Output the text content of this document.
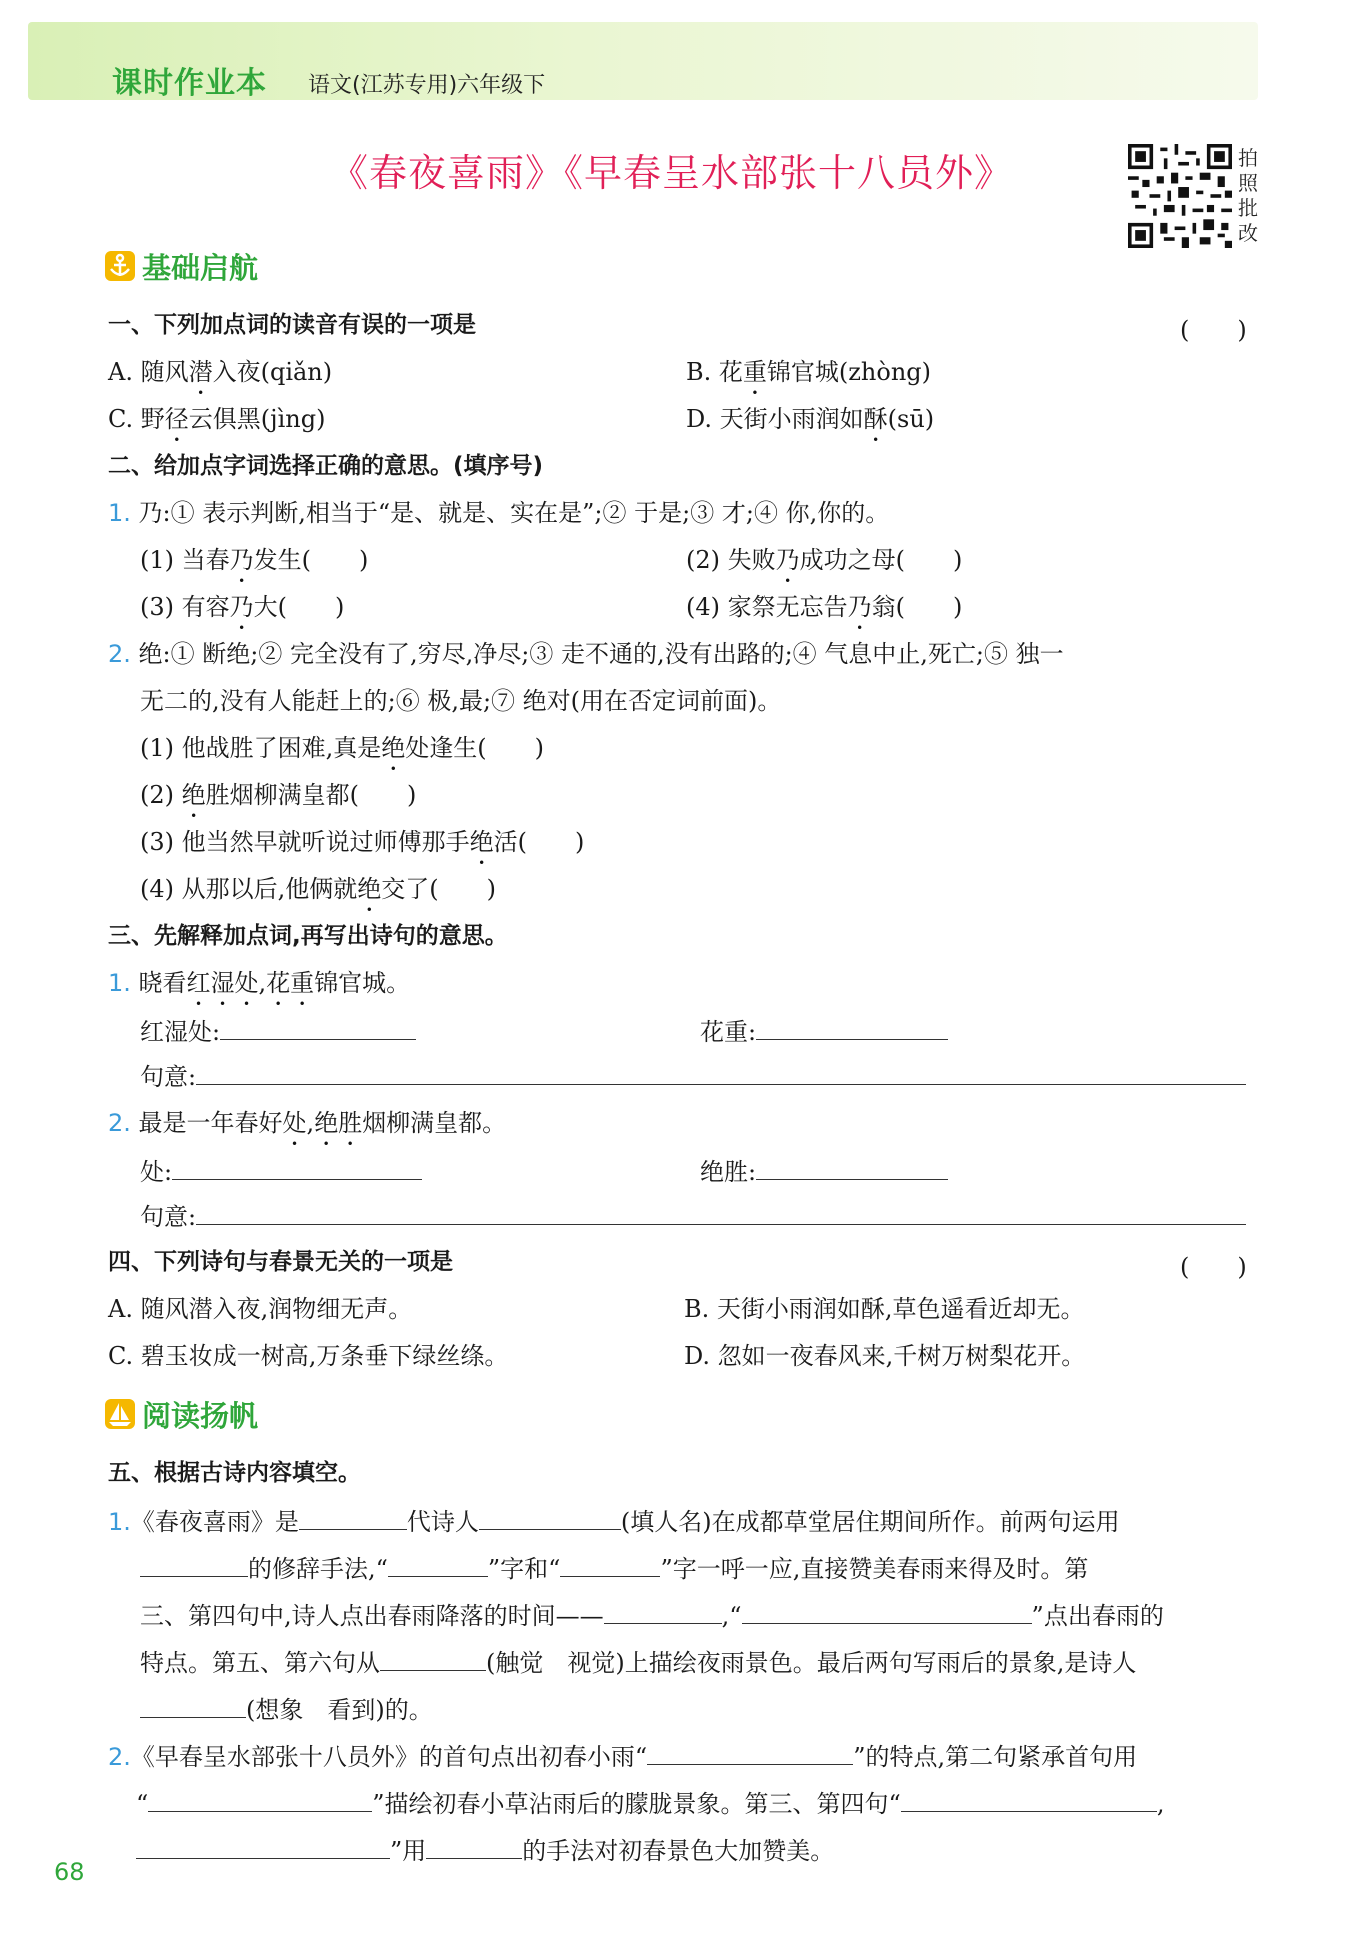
课时作业本 语文(江苏专用)六年级下
《春夜喜雨》《早春呈水部张十八员外》	拍照批改
基础启航
一、下列加点词的读音有误的一项是	(　　)
A. 随风潜入夜(qiǎn)	B. 花重锦官城(zhòng)
C. 野径云俱黑(jìng)	D. 天街小雨润如酥(sū)
二、给加点字词选择正确的意思。(填序号)
1. 乃:① 表示判断,相当于“是、就是、实在是”;② 于是;③ 才;④ 你,你的。
(1) 当春乃发生(　　)	(2) 失败乃成功之母(　　)
(3) 有容乃大(　　)	(4) 家祭无忘告乃翁(　　)
2. 绝:① 断绝;② 完全没有了,穷尽,净尽;③ 走不通的,没有出路的;④ 气息中止,死亡;⑤ 独一
无二的,没有人能赶上的;⑥ 极,最;⑦ 绝对(用在否定词前面)。
(1) 他战胜了困难,真是绝处逢生(　　)
(2) 绝胜烟柳满皇都(　　)
(3) 他当然早就听说过师傅那手绝活(　　)
(4) 从那以后,他俩就绝交了(　　)
三、先解释加点词,再写出诗句的意思。
1. 晓看红湿处,花重锦官城。
红湿处:	花重:
句意:
2. 最是一年春好处,绝胜烟柳满皇都。
处:	绝胜:
句意:
四、下列诗句与春景无关的一项是	(　　)
A. 随风潜入夜,润物细无声。	B. 天街小雨润如酥,草色遥看近却无。
C. 碧玉妆成一树高,万条垂下绿丝绦。	D. 忽如一夜春风来,千树万树梨花开。
阅读扬帆
五、根据古诗内容填空。
1.《春夜喜雨》是	代诗人	(填人名)在成都草堂居住期间所作。前两句运用
的修辞手法,“	”字和“	”字一呼一应,直接赞美春雨来得及时。第
三、第四句中,诗人点出春雨降落的时间——	,“	”点出春雨的
特点。第五、第六句从	(触觉　视觉)上描绘夜雨景色。最后两句写雨后的景象,是诗人
(想象　看到)的。
2.《早春呈水部张十八员外》的首句点出初春小雨“	”的特点,第二句紧承首句用
“	”描绘初春小草沾雨后的朦胧景象。第三、第四句“	,
”用	的手法对初春景色大加赞美。
68
